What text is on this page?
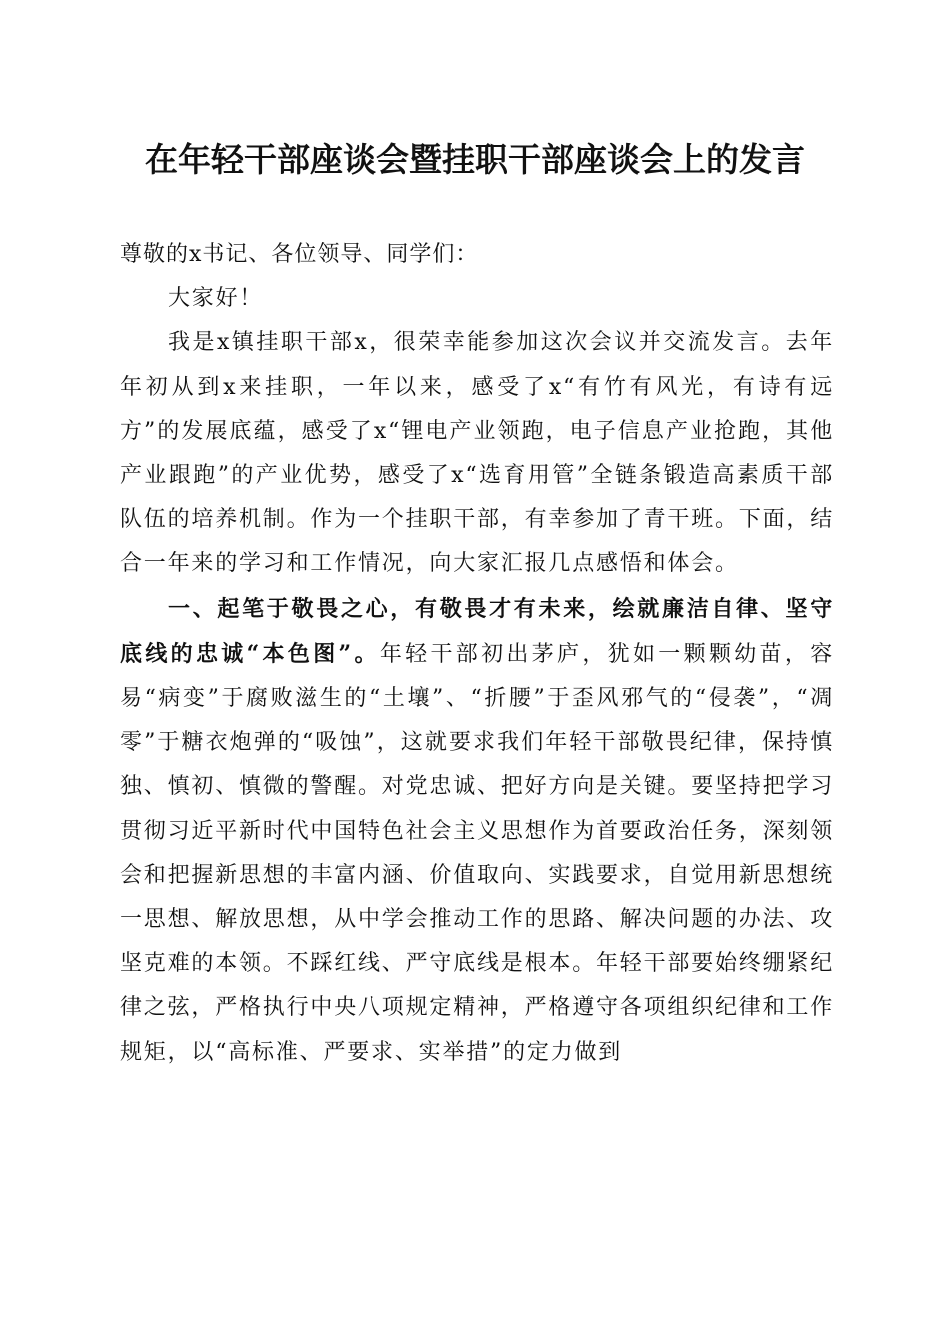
在年轻干部座谈会暨挂职干部座谈会上的发言

尊敬的x书记、各位领导、同学们：

大家好！

我是x镇挂职干部x，很荣幸能参加这次会议并交流发言。去年年初从到x来挂职，一年以来，感受了x“有竹有风光，有诗有远方”的发展底蕴，感受了x“锂电产业领跑，电子信息产业抢跑，其他产业跟跑”的产业优势，感受了x“选育用管”全链条锻造高素质干部队伍的培养机制。作为一个挂职干部，有幸参加了青干班。下面，结合一年来的学习和工作情况，向大家汇报几点感悟和体会。

一、起笔于敬畏之心，有敬畏才有未来，绘就廉洁自律、坚守底线的忠诚“本色图”。年轻干部初出茅庐，犹如一颗颗幼苗，容易“病变”于腐败滋生的“土壤”、“折腰”于歪风邪气的“侵袭”，“凋零”于糖衣炮弹的“吸蚀”，这就要求我们年轻干部敬畏纪律，保持慎独、慎初、慎微的警醒。对党忠诚、把好方向是关键。要坚持把学习贯彻习近平新时代中国特色社会主义思想作为首要政治任务，深刻领会和把握新思想的丰富内涵、价值取向、实践要求，自觉用新思想统一思想、解放思想，从中学会推动工作的思路、解决问题的办法、攻坚克难的本领。不踩红线、严守底线是根本。年轻干部要始终绷紧纪律之弦，严格执行中央八项规定精神，严格遵守各项组织纪律和工作规矩，以“高标准、严要求、实举措”的定力做到
